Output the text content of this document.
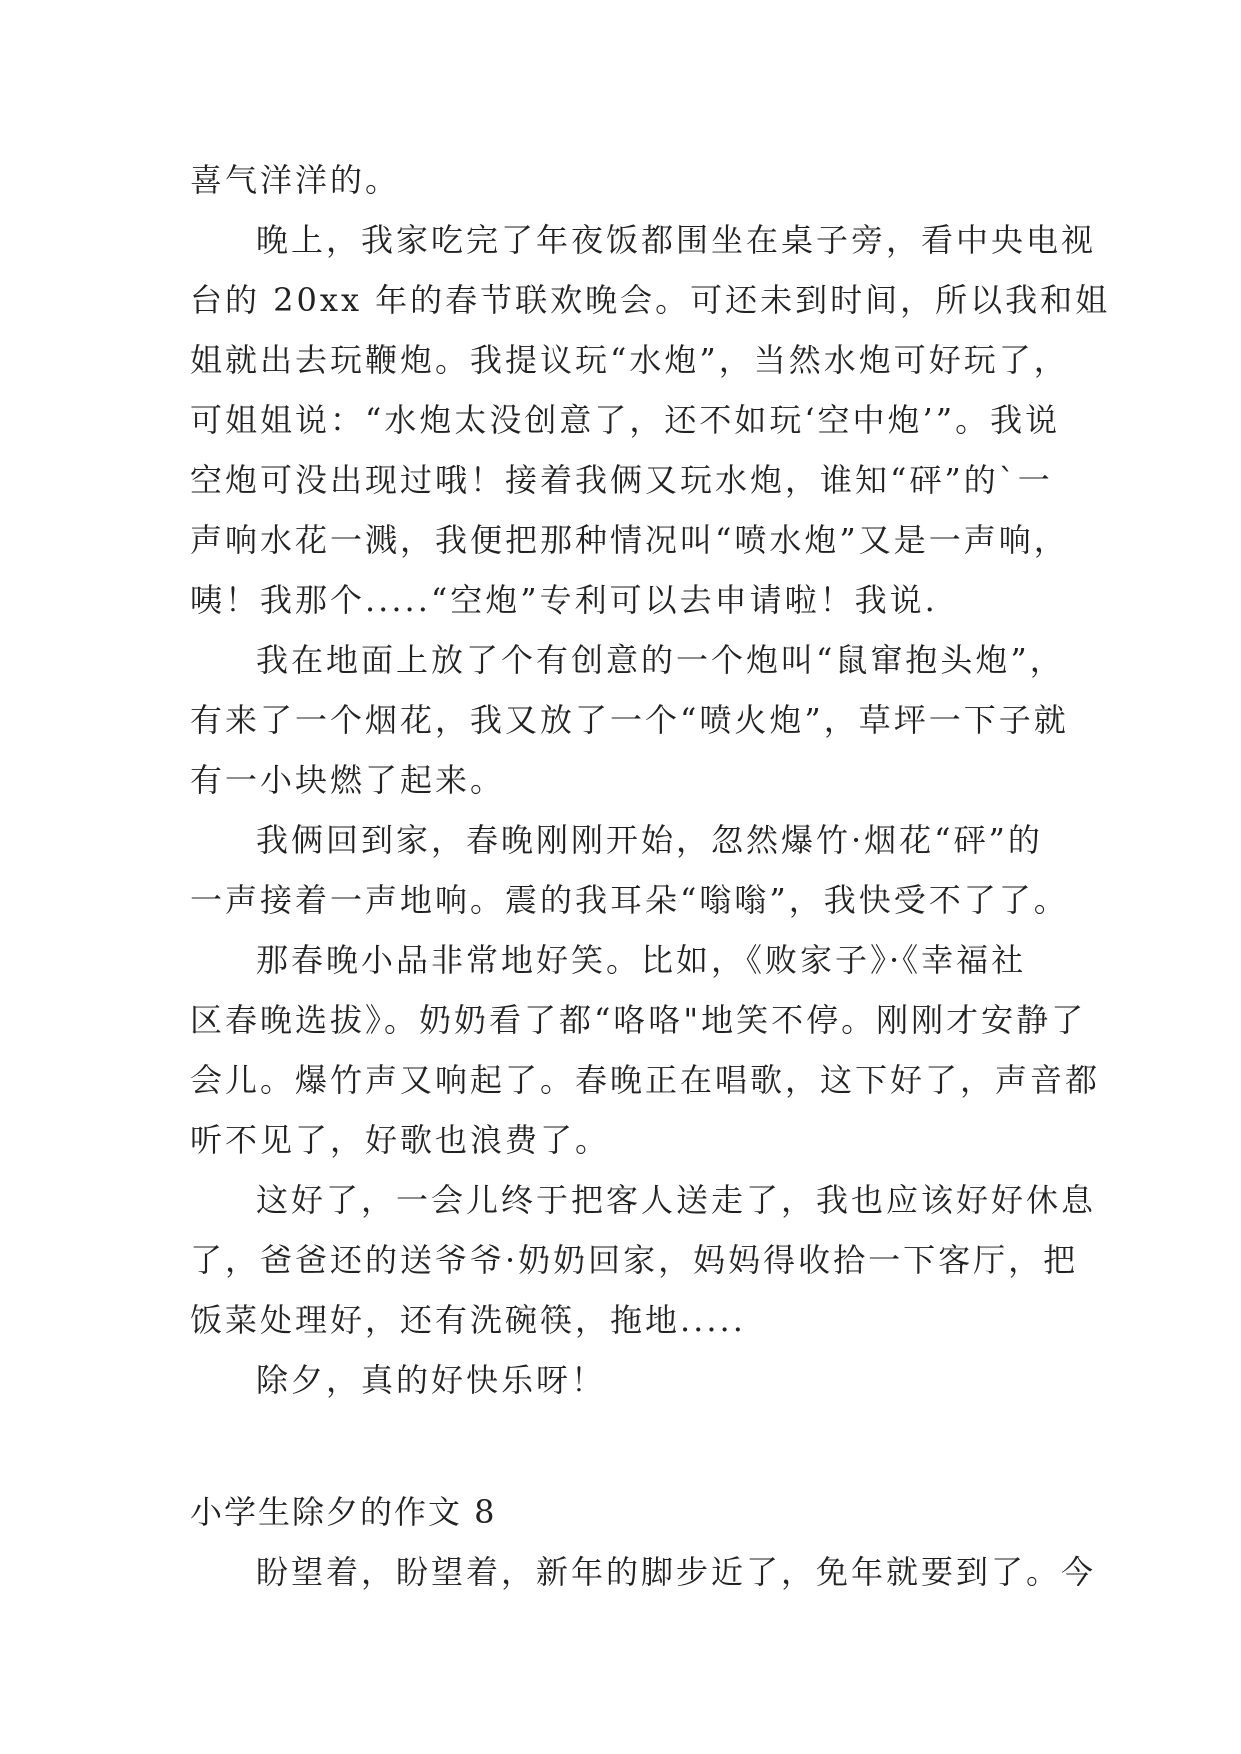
喜气洋洋的。
晚上，我家吃完了年夜饭都围坐在桌子旁，看中央电视
台的 20xx 年的春节联欢晚会。可还未到时间，所以我和姐
姐就出去玩鞭炮。我提议玩“水炮”，当然水炮可好玩了，
可姐姐说：“水炮太没创意了，还不如玩‘空中炮’”。我说
空炮可没出现过哦！接着我俩又玩水炮，谁知“砰”的`一
声响水花一溅，我便把那种情况叫“喷水炮”又是一声响，
咦！我那个.....“空炮”专利可以去申请啦！我说.
我在地面上放了个有创意的一个炮叫“鼠窜抱头炮”，
有来了一个烟花，我又放了一个“喷火炮”，草坪一下子就
有一小块燃了起来。
我俩回到家，春晚刚刚开始，忽然爆竹·烟花“砰”的
一声接着一声地响。震的我耳朵“嗡嗡”，我快受不了了。
那春晚小品非常地好笑。比如，《败家子》·《幸福社
区春晚选拔》。奶奶看了都“咯咯"地笑不停。刚刚才安静了
会儿。爆竹声又响起了。春晚正在唱歌，这下好了，声音都
听不见了，好歌也浪费了。
这好了，一会儿终于把客人送走了，我也应该好好休息
了，爸爸还的送爷爷·奶奶回家，妈妈得收拾一下客厅，把
饭菜处理好，还有洗碗筷，拖地.....
除夕，真的好快乐呀！
小学生除夕的作文 8
盼望着，盼望着，新年的脚步近了，免年就要到了。今
